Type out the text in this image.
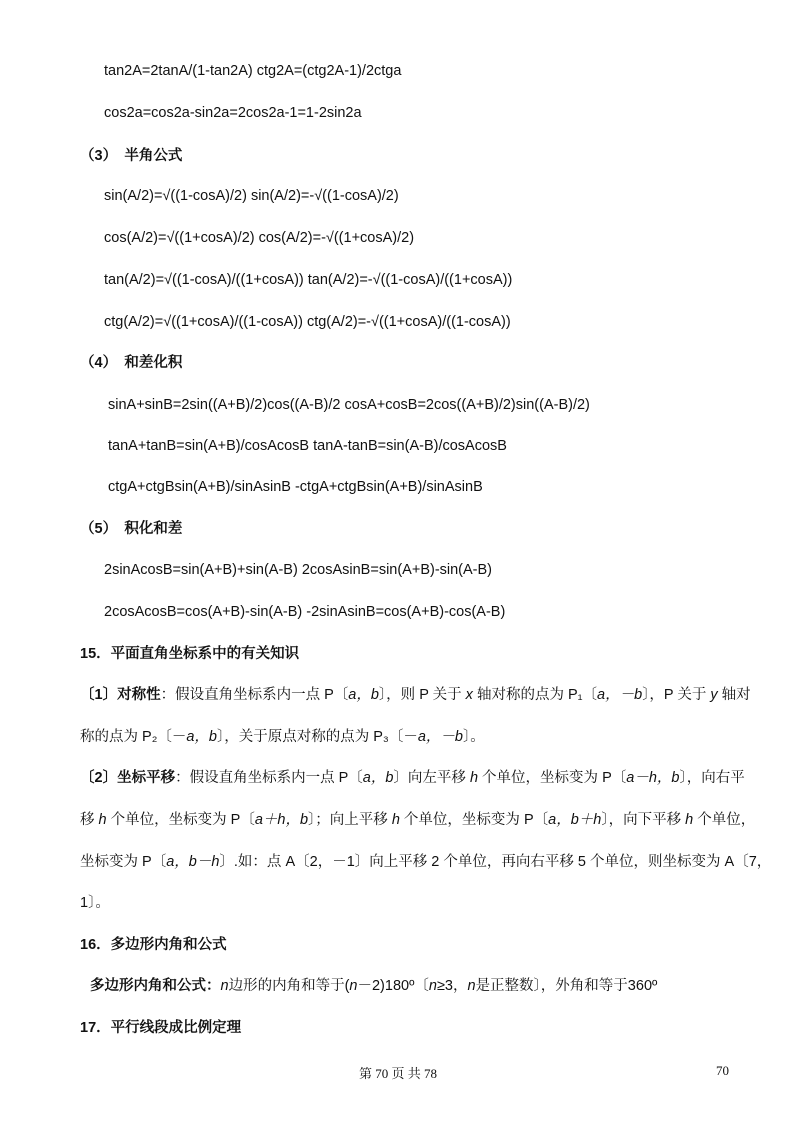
tan2A=2tanA/(1-tan2A) ctg2A=(ctg2A-1)/2ctga
cos2a=cos2a-sin2a=2cos2a-1=1-2sin2a
（3）　半角公式
sin(A/2)=√((1-cosA)/2) sin(A/2)=-√((1-cosA)/2)
cos(A/2)=√((1+cosA)/2) cos(A/2)=-√((1+cosA)/2)
tan(A/2)=√((1-cosA)/((1+cosA)) tan(A/2)=-√((1-cosA)/((1+cosA))
ctg(A/2)=√((1+cosA)/((1-cosA)) ctg(A/2)=-√((1+cosA)/((1-cosA))
（4）　和差化积
sinA+sinB=2sin((A+B)/2)cos((A-B)/2 cosA+cosB=2cos((A+B)/2)sin((A-B)/2)
tanA+tanB=sin(A+B)/cosAcosB tanA-tanB=sin(A-B)/cosAcosB
ctgA+ctgBsin(A+B)/sinAsinB -ctgA+ctgBsin(A+B)/sinAsinB
（5）　积化和差
2sinAcosB=sin(A+B)+sin(A-B) 2cosAsinB=sin(A+B)-sin(A-B)
2cosAcosB=cos(A+B)-sin(A-B) -2sinAsinB=cos(A+B)-cos(A-B)
15．平面直角坐标系中的有关知识
〔1〕对称性：假设直角坐标系内一点 P〔a，b〕，则 P 关于 x 轴对称的点为 P₁〔a，－b〕，P 关于 y 轴对
称的点为 P₂〔－a，b〕，关于原点对称的点为 P₃〔－a，－b〕。
〔2〕坐标平移：假设直角坐标系内一点 P〔a，b〕向左平移 h 个单位，坐标变为 P〔a－h，b〕，向右平
移 h 个单位，坐标变为 P〔a＋h，b〕；向上平移 h 个单位，坐标变为 P〔a，b＋h〕，向下平移 h 个单位，
坐标变为 P〔a，b－h〕.如：点 A〔2，－1〕向上平移 2 个单位，再向右平移 5 个单位，则坐标变为 A〔7，
1〕。
16．多边形内角和公式
多边形内角和公式：n边形的内角和等于(n－2)180º〔n≥3，n是正整数〕，外角和等于360º
17．平行线段成比例定理
第 70 页 共 78	70
